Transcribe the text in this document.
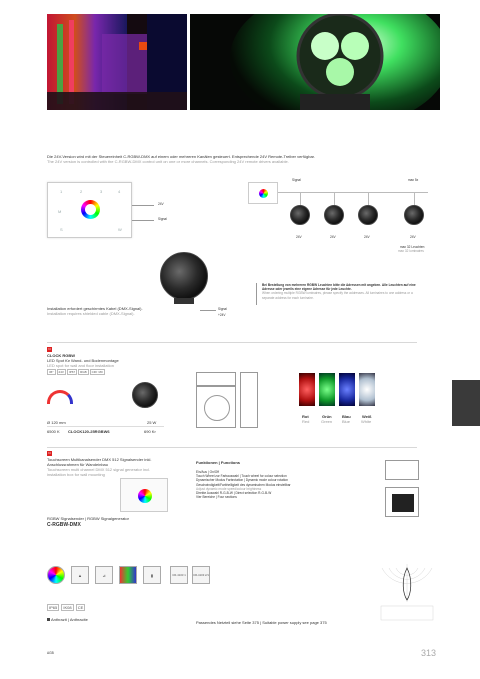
Die 24V-Version wird mit der Steuereinheit C-RGBW-DMX auf einem oder mehreren Kanälen gesteuert. Entsprechende 24V Remote-Treiber verfügbar.
The 24V version is controlled with the C-RGBW-DMX control unit on one or more channels. Corresponding 24V remote drivers available.
1	2	3	4
M
S	W
24V
Signal
Signal	max 5x
24V	24V	24V	24V
max 32 Leuchten
max 32 luminaires
Installation erfordert geschirmtes Kabel (DMX-Signal).
Installation requires shielded cable (DMX-Signal).
Signal
+24V
Bei Bestellung von mehreren RGBW Leuchten bitte die Adressen mit angeben. Alle Leuchten auf eine Adresse oder jeweils eine eigene Adresse für jede Leuchte.
When ordering multiple RGBW luminaires, please specify the addresses. All luminaires to one address or a separate address for each luminaire.
N
CLOCK RGBW
LED Spot für Wand- und Bodenmontage
LED spot for wall and floor installation
36° 24V IP67 RGB CRI >80
Ø 120 mm	25 W
6500 K CLOCK120-25RGBW6	690 Kr
Rot
Red
Grün
Green
Blau
Blue
Weiß
White
N
Touchscreen Multikanalsender DMX 512 Signalsender inkl. Anschlussrahmen für Wandeinbau
Touchscreen multi channel DMX 512 signal generator incl. installation box for wall mounting
RGBW Signalsender | RGBW Signalgenerator
C-RGBW-DMX
Funktionen | Functions
Ein/Aus | On/Off
Touch Wheel zur Farbauswahl | Touch wheel for colour selection
Dynamischer Modus Farbrotation | Dynamic mode colour rotation
Geschwindigkeit/Farbhelligkeit des dynamischen Modus einstellbar
Adjust dynamic mode speed/colour brightness
Direkte Auswahl R-G-B-W | Direct selection R-G-B-W
Vier Bereiche | Four sections
▲	⊿	▮	CR-4103 1	CR-4103 2/1
IP65 IK08 CE
Anthrazit | Anthracite
Passendes Netzteil siehe Seite 375 | Suitable power supply see page 375
AGB	313
